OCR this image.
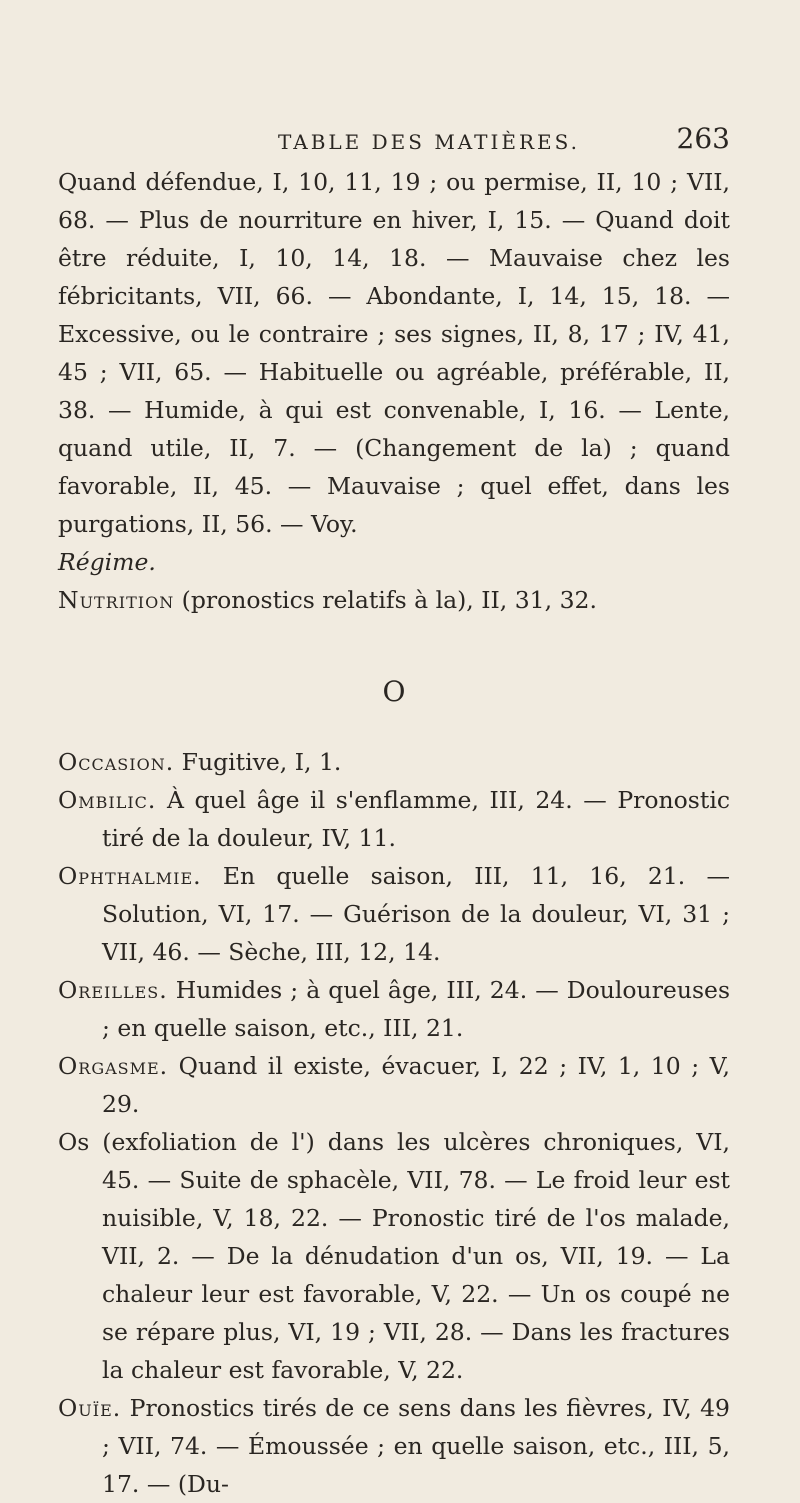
TABLE DES MATIÈRES.	263

Quand défendue, I, 10, 11, 19 ; ou permise, II, 10 ; VII, 68. — Plus de nourriture en hiver, I, 15. — Quand doit être réduite, I, 10, 14, 18. — Mauvaise chez les fébricitants, VII, 66. — Abondante, I, 14, 15, 18. — Excessive, ou le contraire ; ses signes, II, 8, 17 ; IV, 41, 45 ; VII, 65. — Habituelle ou agréable, préférable, II, 38. — Humide, à qui est convenable, I, 16. — Lente, quand utile, II, 7. — (Changement de la) ; quand favorable, II, 45. — Mauvaise ; quel effet, dans les purgations, II, 56. — Voy.
Régime.

Nutrition (pronostics relatifs à la), II, 31, 32.

O

Occasion. Fugitive, I, 1.

Ombilic. À quel âge il s'enflamme, III, 24. — Pronostic tiré de la douleur, IV, 11.

Ophthalmie. En quelle saison, III, 11, 16, 21. — Solution, VI, 17. — Guérison de la douleur, VI, 31 ; VII, 46. — Sèche, III, 12, 14.

Oreilles. Humides ; à quel âge, III, 24. — Douloureuses ; en quelle saison, etc., III, 21.

Orgasme. Quand il existe, évacuer, I, 22 ; IV, 1, 10 ; V, 29.

Os (exfoliation de l') dans les ulcères chroniques, VI, 45. — Suite de sphacèle, VII, 78. — Le froid leur est nuisible, V, 18, 22. — Pronostic tiré de l'os malade, VII, 2. — De la dénudation d'un os, VII, 19. — La chaleur leur est favorable, V, 22. — Un os coupé ne se répare plus, VI, 19 ; VII, 28. — Dans les fractures la chaleur est favorable, V, 22.

Ouïe. Pronostics tirés de ce sens dans les fièvres, IV, 49 ; VII, 74. — Émoussée ; en quelle saison, etc., III, 5, 17. — (Du-
